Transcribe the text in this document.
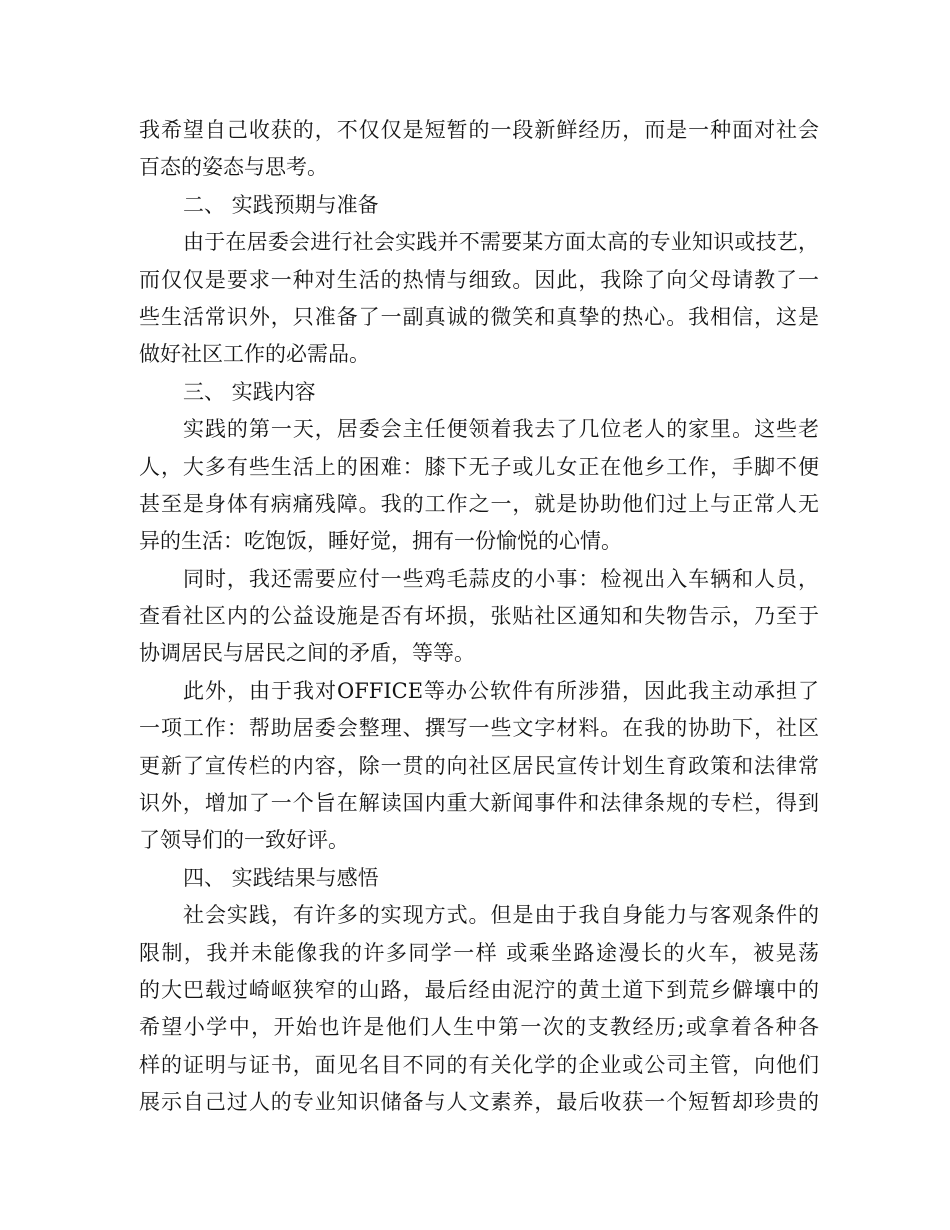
我希望自己收获的，不仅仅是短暂的一段新鲜经历，而是一种面对社会
百态的姿态与思考。
二、 实践预期与准备
由于在居委会进行社会实践并不需要某方面太高的专业知识或技艺，
而仅仅是要求一种对生活的热情与细致。因此，我除了向父母请教了一
些生活常识外，只准备了一副真诚的微笑和真挚的热心。我相信，这是
做好社区工作的必需品。
三、 实践内容
实践的第一天，居委会主任便领着我去了几位老人的家里。这些老
人，大多有些生活上的困难：膝下无子或儿女正在他乡工作，手脚不便
甚至是身体有病痛残障。我的工作之一，就是协助他们过上与正常人无
异的生活：吃饱饭，睡好觉，拥有一份愉悦的心情。
同时，我还需要应付一些鸡毛蒜皮的小事：检视出入车辆和人员，
查看社区内的公益设施是否有坏损，张贴社区通知和失物告示，乃至于
协调居民与居民之间的矛盾，等等。
此外，由于我对OFFICE等办公软件有所涉猎，因此我主动承担了
一项工作：帮助居委会整理、撰写一些文字材料。在我的协助下，社区
更新了宣传栏的内容，除一贯的向社区居民宣传计划生育政策和法律常
识外，增加了一个旨在解读国内重大新闻事件和法律条规的专栏，得到
了领导们的一致好评。
四、 实践结果与感悟
社会实践，有许多的实现方式。但是由于我自身能力与客观条件的
限制，我并未能像我的许多同学一样 或乘坐路途漫长的火车，被晃荡
的大巴载过崎岖狭窄的山路，最后经由泥泞的黄土道下到荒乡僻壤中的
希望小学中，开始也许是他们人生中第一次的支教经历;或拿着各种各
样的证明与证书，面见名目不同的有关化学的企业或公司主管，向他们
展示自己过人的专业知识储备与人文素养，最后收获一个短暂却珍贵的
